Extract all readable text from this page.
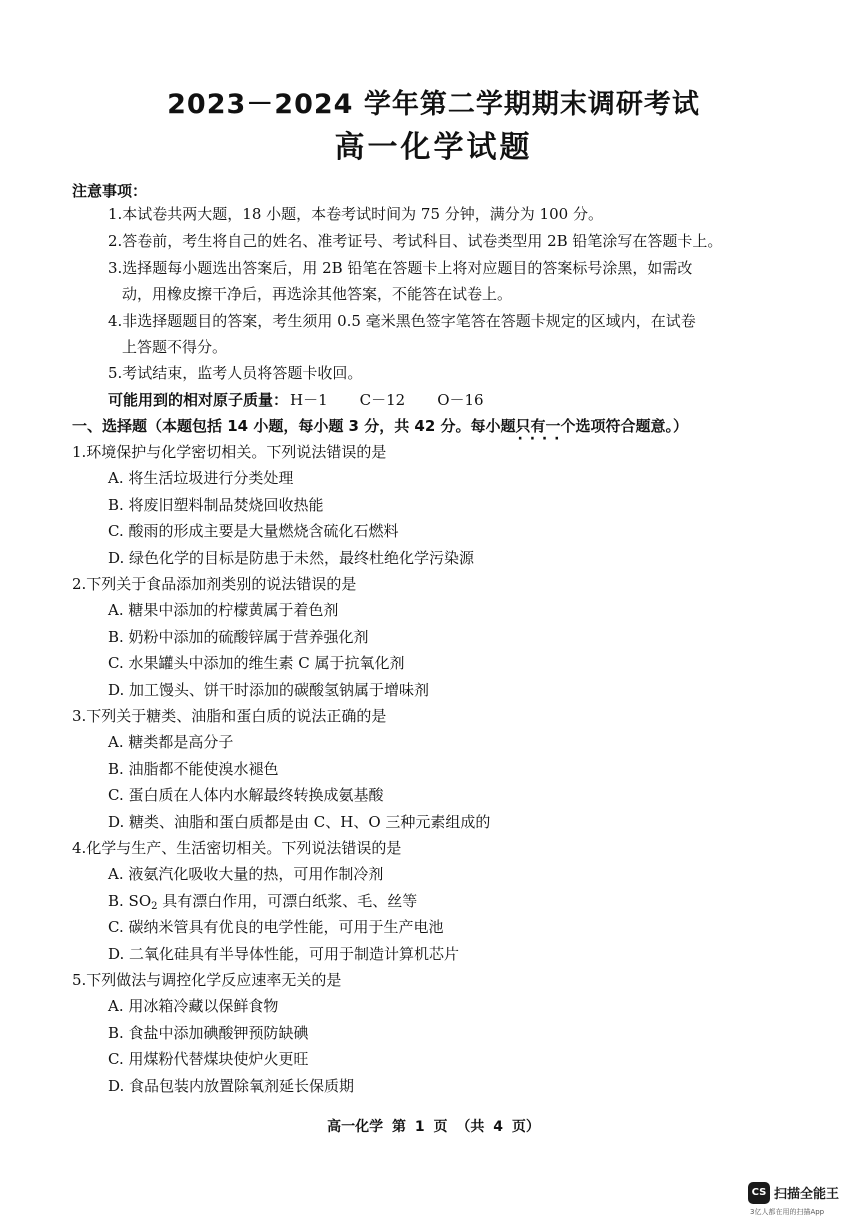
2023－2024 学年第二学期期末调研考试
高一化学试题
注意事项：
1.本试卷共两大题，18 小题，本卷考试时间为 75 分钟，满分为 100 分。
2.答卷前，考生将自己的姓名、准考证号、考试科目、试卷类型用 2B 铅笔涂写在答题卡上。
3.选择题每小题选出答案后，用 2B 铅笔在答题卡上将对应题目的答案标号涂黑，如需改
动，用橡皮擦干净后，再选涂其他答案，不能答在试卷上。
4.非选择题题目的答案，考生须用 0.5 毫米黑色签字笔答在答题卡规定的区域内，在试卷
上答题不得分。
5.考试结束，监考人员将答题卡收回。
可能用到的相对原子质量： H－1 C－12 O－16
一、选择题（本题包括 14 小题，每小题 3 分，共 42 分。每小题只有一个 · · · ·选项符合题意。）
1.环境保护与化学密切相关。下列说法错误的是
A. 将生活垃圾进行分类处理
B. 将废旧塑料制品焚烧回收热能
C. 酸雨的形成主要是大量燃烧含硫化石燃料
D. 绿色化学的目标是防患于未然，最终杜绝化学污染源
2.下列关于食品添加剂类别的说法错误的是
A. 糖果中添加的柠檬黄属于着色剂
B. 奶粉中添加的硫酸锌属于营养强化剂
C. 水果罐头中添加的维生素 C 属于抗氧化剂
D. 加工馒头、饼干时添加的碳酸氢钠属于增味剂
3.下列关于糖类、油脂和蛋白质的说法正确的是
A. 糖类都是高分子
B. 油脂都不能使溴水褪色
C. 蛋白质在人体内水解最终转换成氨基酸
D. 糖类、油脂和蛋白质都是由 C、H、O 三种元素组成的
4.化学与生产、生活密切相关。下列说法错误的是
A. 液氨汽化吸收大量的热，可用作制冷剂
B. $SO_2$ 具有漂白作用，可漂白纸浆、毛、丝等
C. 碳纳米管具有优良的电学性能，可用于生产电池
D. 二氧化硅具有半导体性能，可用于制造计算机芯片
5.下列做法与调控化学反应速率无关的是
A. 用冰箱冷藏以保鲜食物
B. 食盐中添加碘酸钾预防缺碘
C. 用煤粉代替煤块使炉火更旺
D. 食品包装内放置除氧剂延长保质期
高一化学 第 1 页 （共 4 页）
CS 扫描全能王
3亿人都在用的扫描App
